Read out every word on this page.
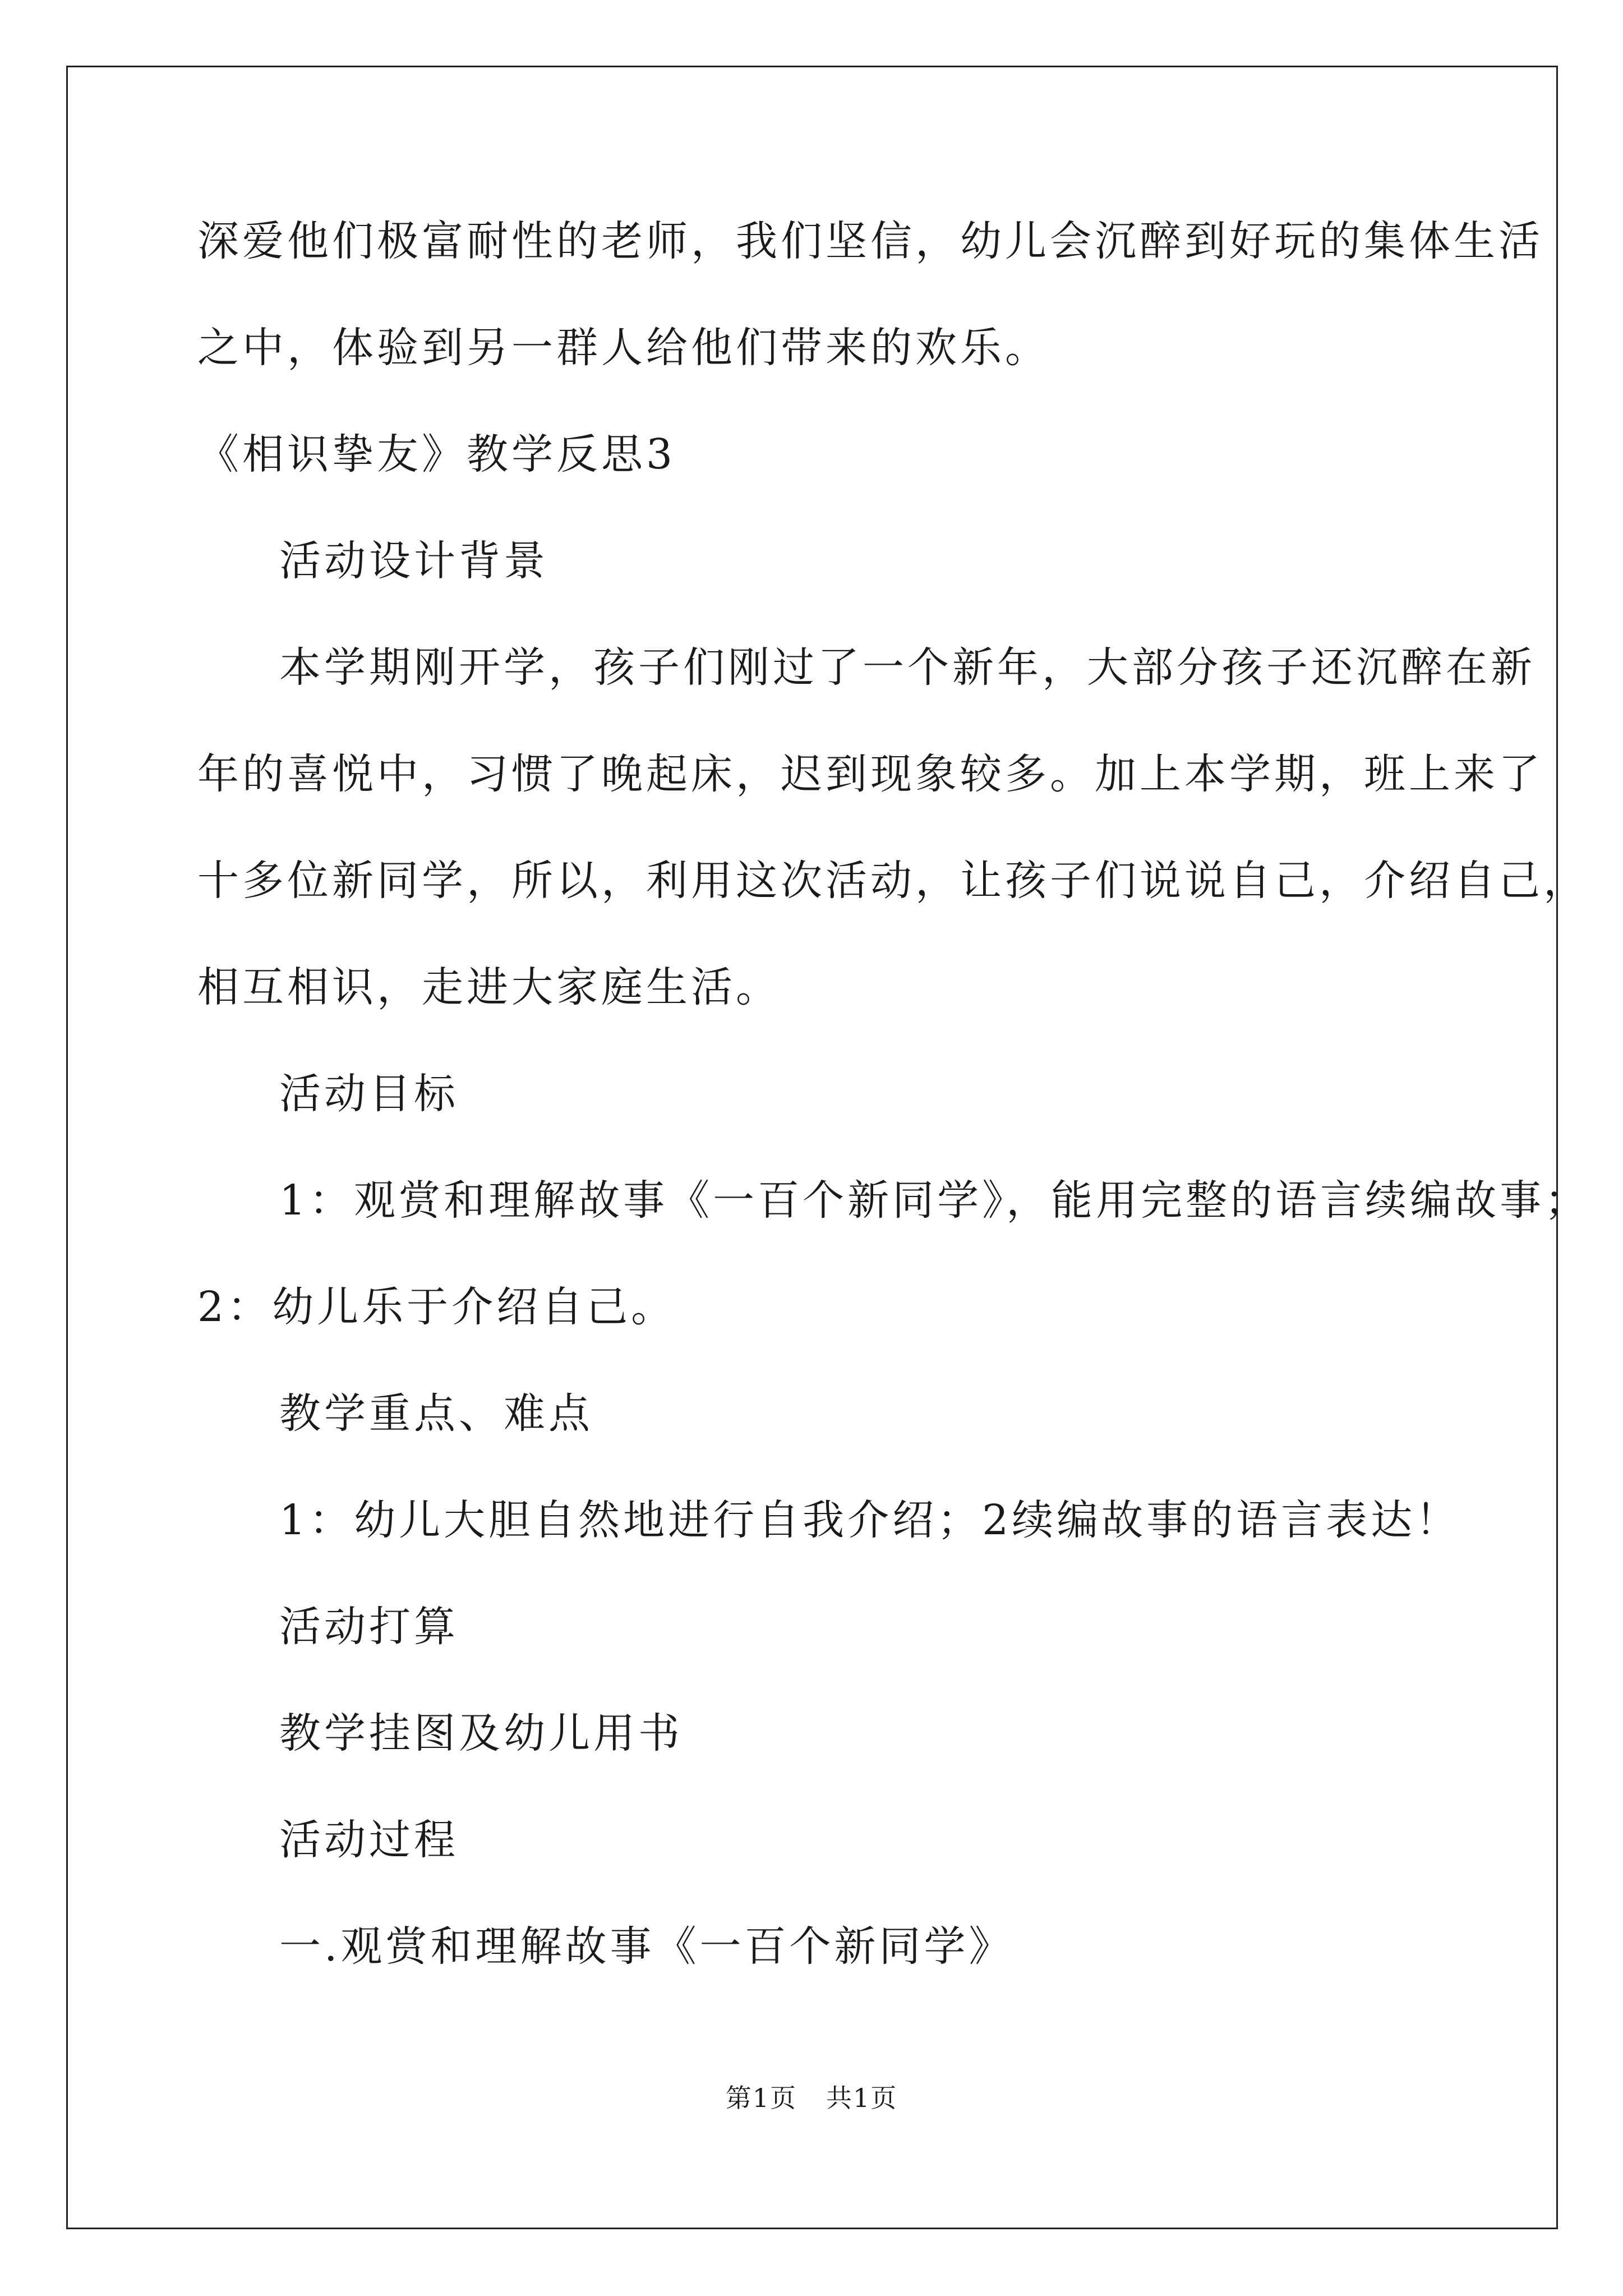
深爱他们极富耐性的老师，我们坚信，幼儿会沉醉到好玩的集体生活
之中，体验到另一群人给他们带来的欢乐。
《相识挚友》教学反思3
活动设计背景
本学期刚开学，孩子们刚过了一个新年，大部分孩子还沉醉在新
年的喜悦中，习惯了晚起床，迟到现象较多。加上本学期，班上来了
十多位新同学，所以，利用这次活动，让孩子们说说自己，介绍自己，
相互相识，走进大家庭生活。
活动目标
1：观赏和理解故事《一百个新同学》，能用完整的语言续编故事；
2：幼儿乐于介绍自己。
教学重点、难点
1：幼儿大胆自然地进行自我介绍；2续编故事的语言表达！
活动打算
教学挂图及幼儿用书
活动过程
一.观赏和理解故事《一百个新同学》
第1页 共1页
